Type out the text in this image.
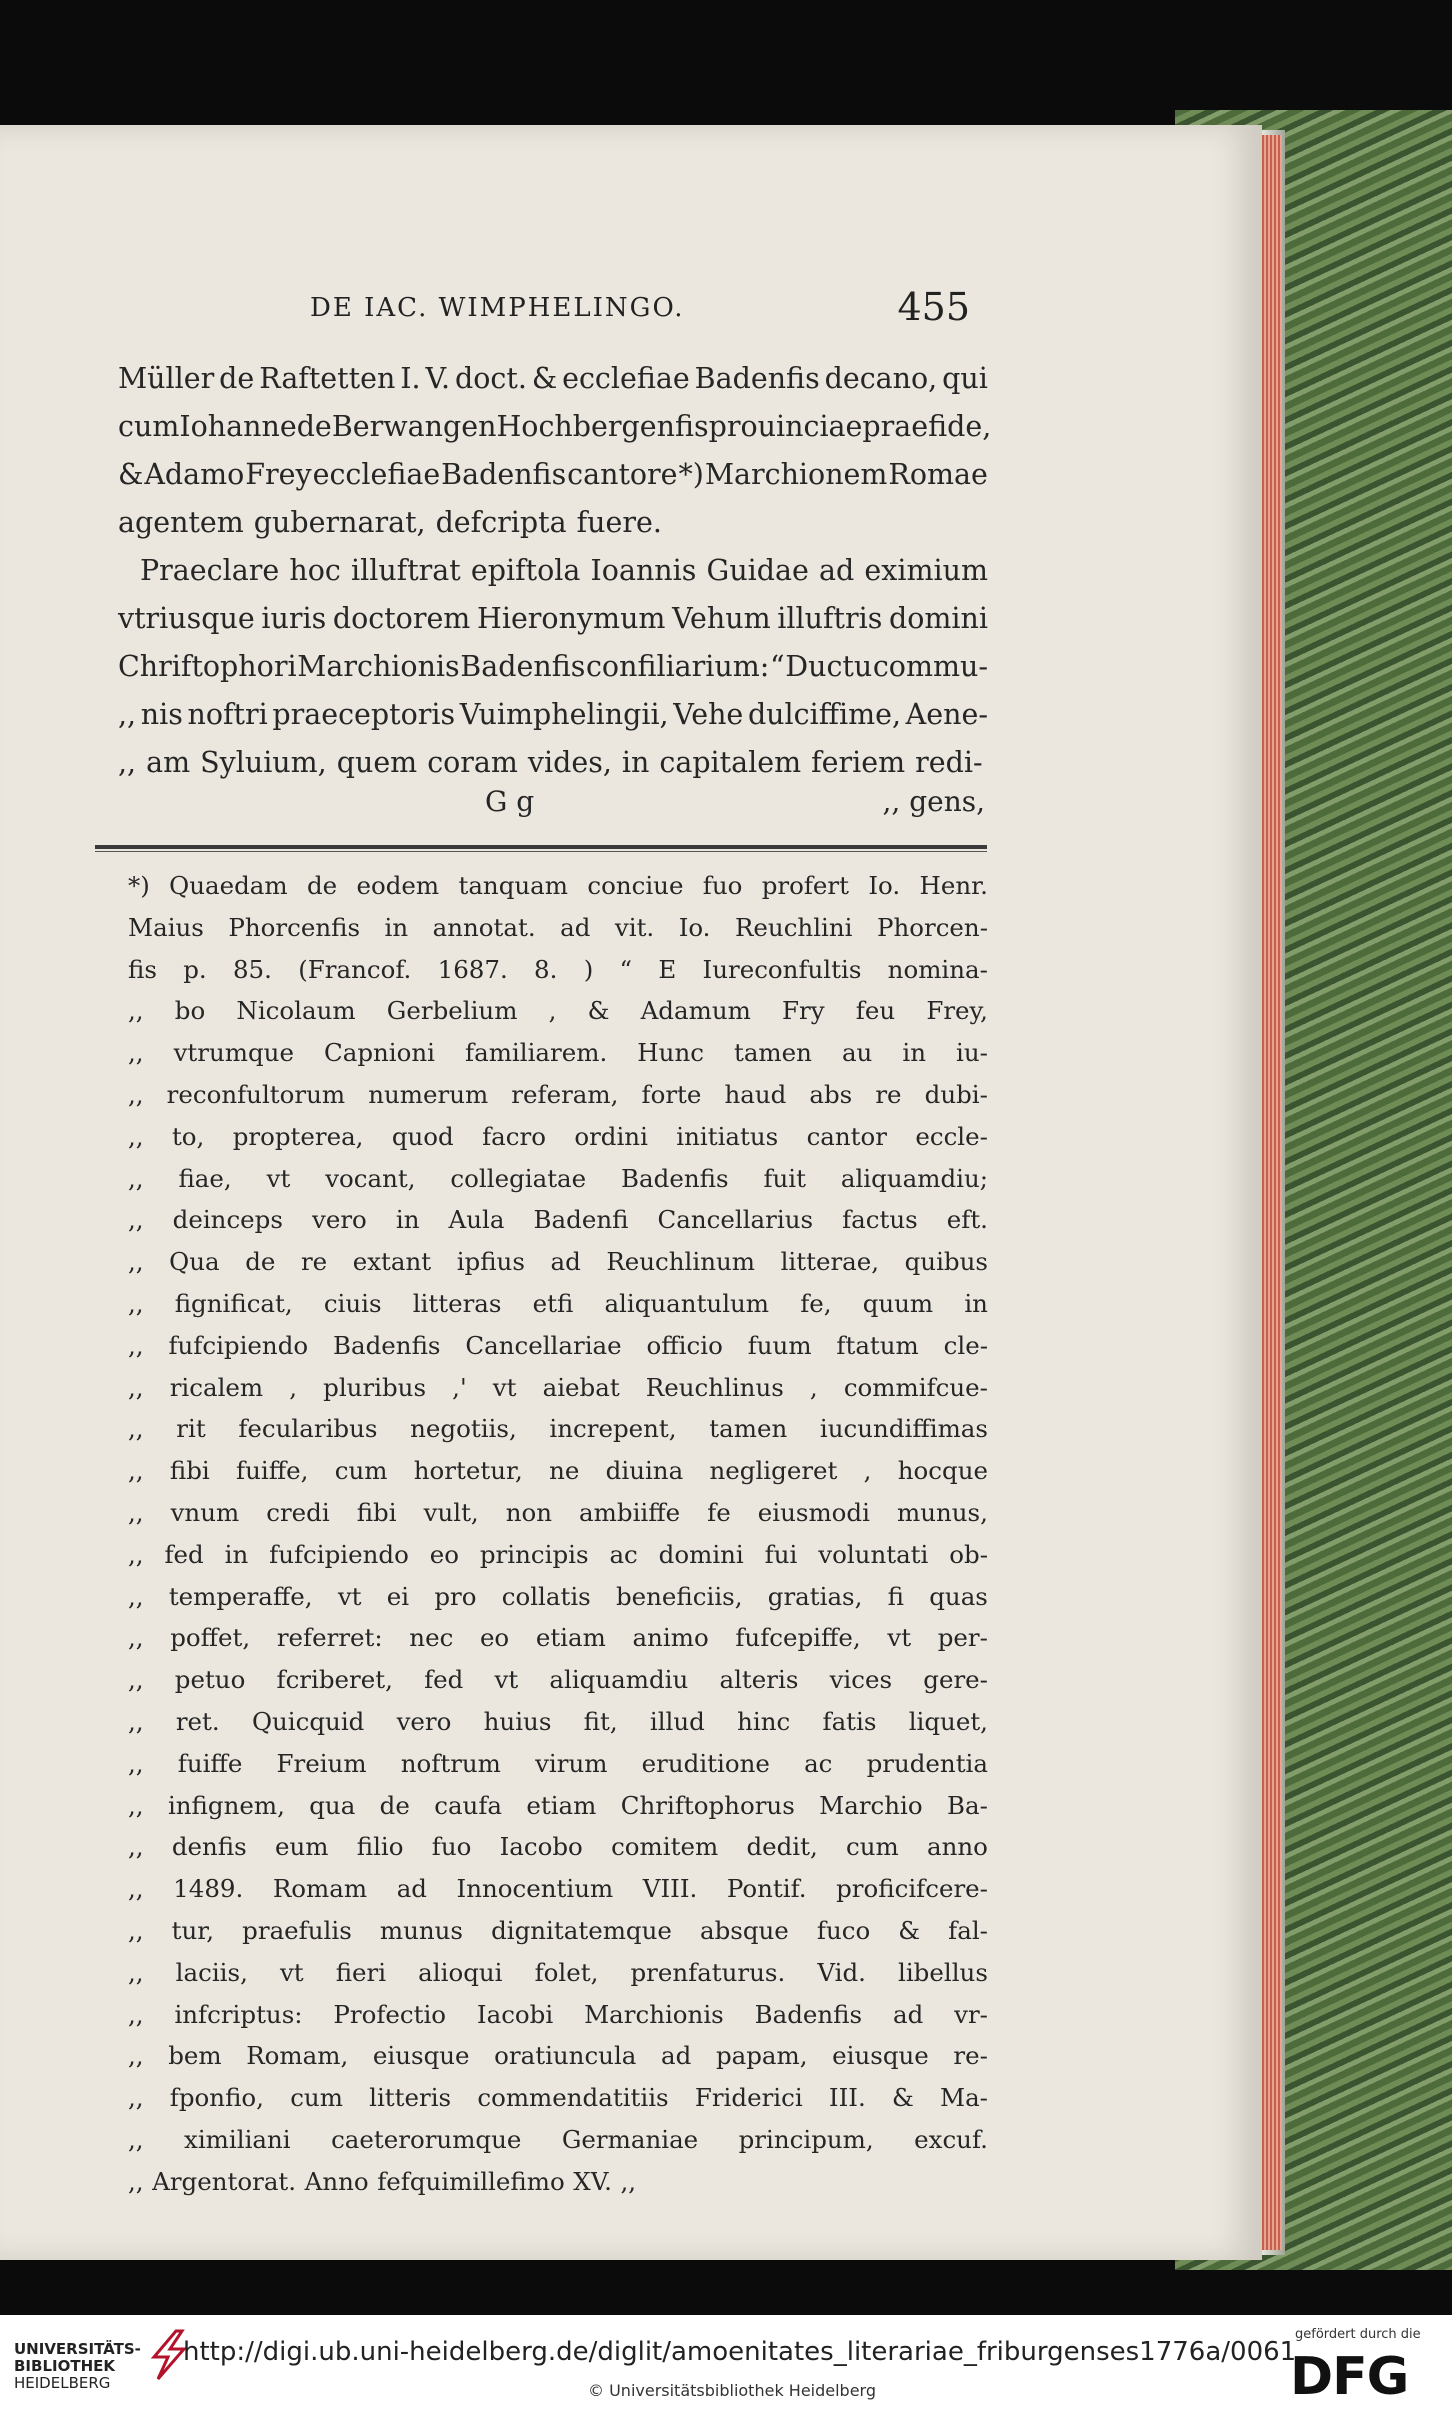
DE IAC. WIMPHELINGO.	455
Müller de Raftetten I. V. doct. & ecclefiae Badenfis decano, qui
cum Iohanne de Berwangen Hochbergenfis prouinciae praefide,
& Adamo Frey ecclefiae Badenfis cantore *) Marchionem Romae
agentem gubernarat, defcripta fuere.
Praeclare hoc illuftrat epiftola Ioannis Guidae ad eximium
vtriusque iuris doctorem Hieronymum Vehum illuftris domini
Chriftophori Marchionis Badenfis confiliarium: “ Ductu commu-
,, nis noftri praeceptoris Vuimphelingii, Vehe dulciffime, Aene-
,, am Syluium, quem coram vides, in capitalem feriem redi-
G g	,, gens,
*) Quaedam de eodem tanquam conciue fuo profert Io. Henr.
Maius Phorcenfis in annotat. ad vit. Io. Reuchlini Phorcen-
fis p. 85. (Francof. 1687. 8. ) “ E Iureconfultis nomina-
,, bo Nicolaum Gerbelium , & Adamum Fry feu Frey,
,, vtrumque Capnioni familiarem. Hunc tamen au in iu-
,, reconfultorum numerum referam, forte haud abs re dubi-
,, to, propterea, quod facro ordini initiatus cantor eccle-
,, fiae, vt vocant, collegiatae Badenfis fuit aliquamdiu;
,, deinceps vero in Aula Badenfi Cancellarius factus eft.
,, Qua de re extant ipfius ad Reuchlinum litterae, quibus
,, fignificat, ciuis litteras etfi aliquantulum fe, quum in
,, fufcipiendo Badenfis Cancellariae officio fuum ftatum cle-
,, ricalem , pluribus ,' vt aiebat Reuchlinus , commifcue-
,, rit fecularibus negotiis, increpent, tamen iucundiffimas
,, fibi fuiffe, cum hortetur, ne diuina negligeret , hocque
,, vnum credi fibi vult, non ambiiffe fe eiusmodi munus,
,, fed in fufcipiendo eo principis ac domini fui voluntati ob-
,, temperaffe, vt ei pro collatis beneficiis, gratias, fi quas
,, poffet, referret: nec eo etiam animo fufcepiffe, vt per-
,, petuo fcriberet, fed vt aliquamdiu alteris vices gere-
,, ret. Quicquid vero huius fit, illud hinc fatis liquet,
,, fuiffe Freium noftrum virum eruditione ac prudentia
,, infignem, qua de caufa etiam Chriftophorus Marchio Ba-
,, denfis eum filio fuo Iacobo comitem dedit, cum anno
,, 1489. Romam ad Innocentium VIII. Pontif. proficifcere-
,, tur, praefulis munus dignitatemque absque fuco & fal-
,, laciis, vt fieri alioqui folet, prenfaturus. Vid. libellus
,, infcriptus: Profectio Iacobi Marchionis Badenfis ad vr-
,, bem Romam, eiusque oratiuncula ad papam, eiusque re-
,, fponfio, cum litteris commendatitiis Friderici III. & Ma-
,, ximiliani caeterorumque Germaniae principum, excuf.
,, Argentorat. Anno fefquimillefimo XV. ,,
UNIVERSITÄTS-
BIBLIOTHEK
HEIDELBERG
http://digi.ub.uni-heidelberg.de/diglit/amoenitates_literariae_friburgenses1776a/0061
© Universitätsbibliothek Heidelberg
gefördert durch die
DFG
